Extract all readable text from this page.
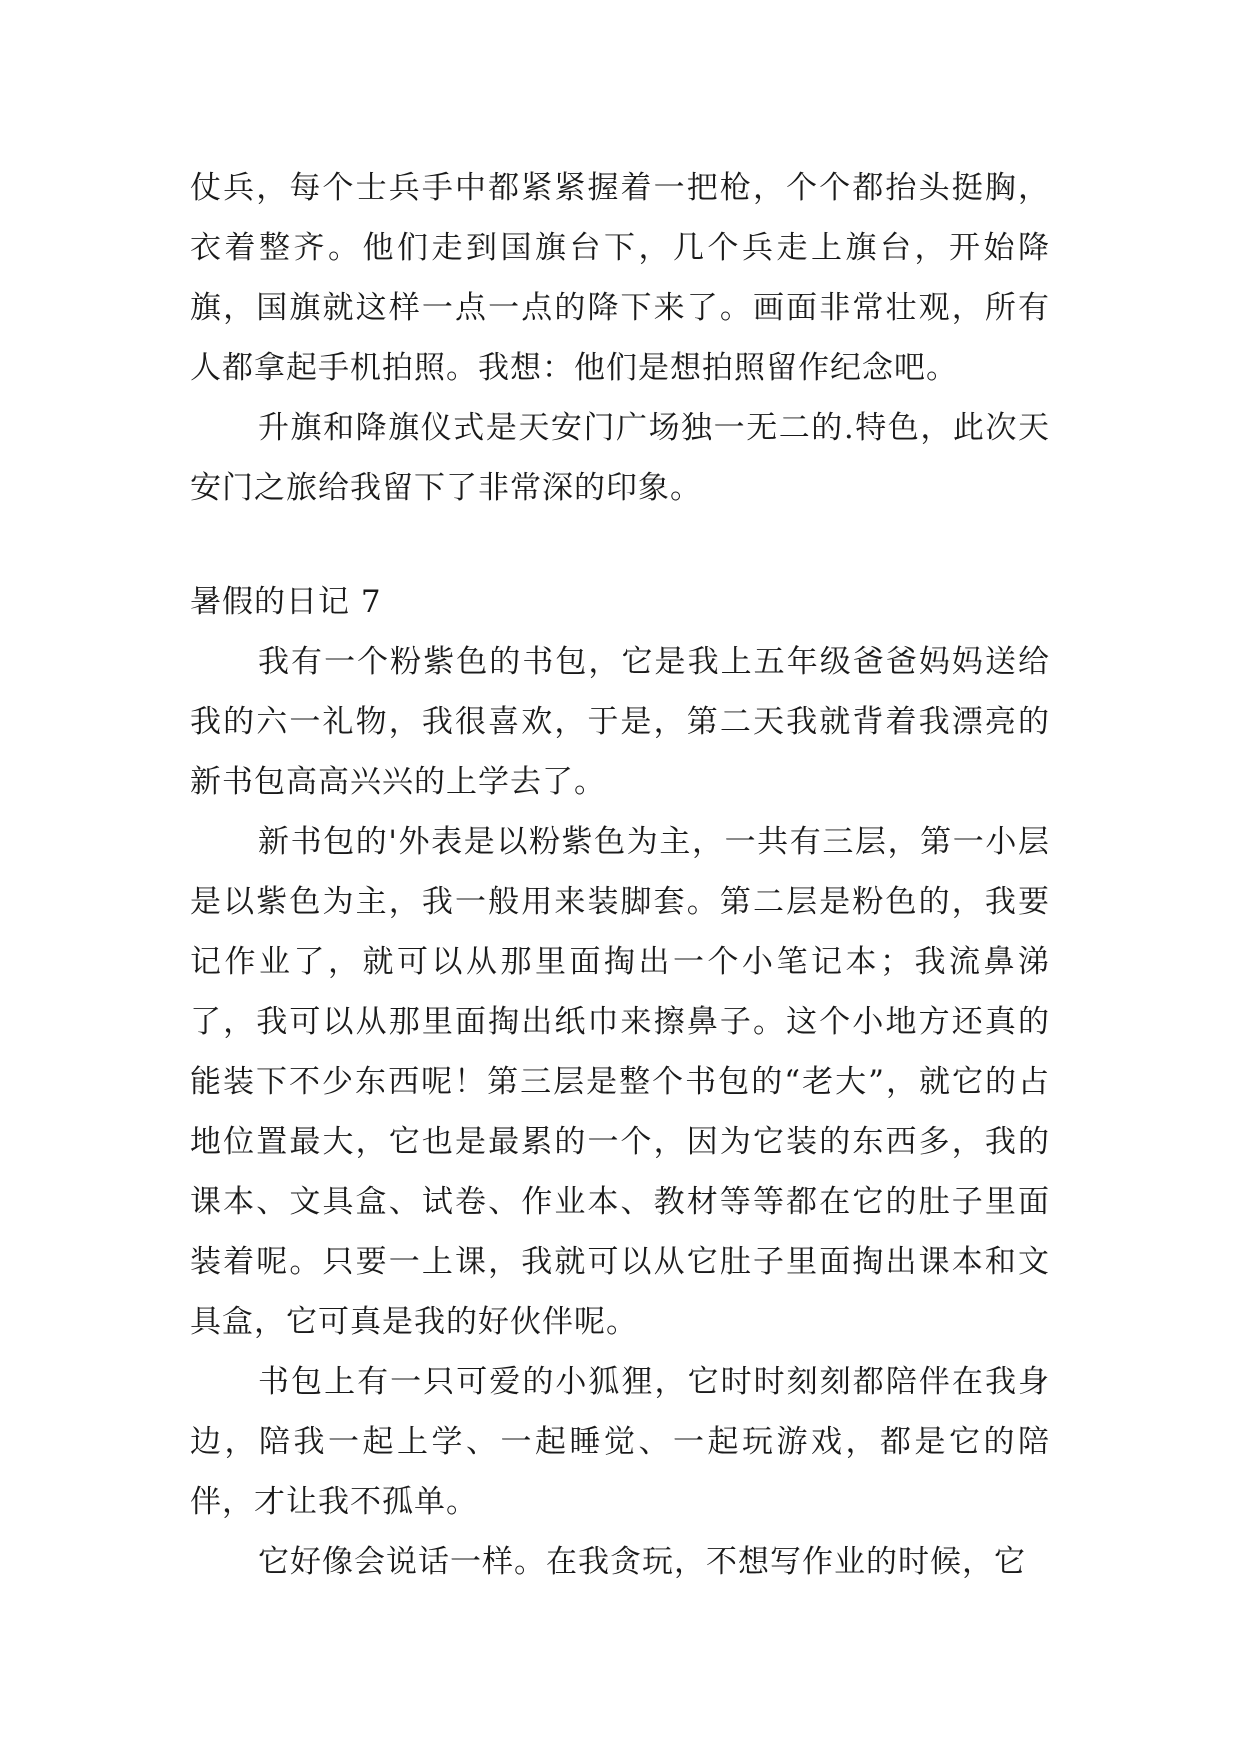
仗兵，每个士兵手中都紧紧握着一把枪，个个都抬头挺胸，衣着整齐。他们走到国旗台下，几个兵走上旗台，开始降旗，国旗就这样一点一点的降下来了。画面非常壮观，所有人都拿起手机拍照。我想：他们是想拍照留作纪念吧。

升旗和降旗仪式是天安门广场独一无二的.特色，此次天安门之旅给我留下了非常深的印象。

暑假的日记 7

我有一个粉紫色的书包，它是我上五年级爸爸妈妈送给我的六一礼物，我很喜欢，于是，第二天我就背着我漂亮的新书包高高兴兴的上学去了。

新书包的'外表是以粉紫色为主，一共有三层，第一小层是以紫色为主，我一般用来装脚套。第二层是粉色的，我要记作业了，就可以从那里面掏出一个小笔记本；我流鼻涕了，我可以从那里面掏出纸巾来擦鼻子。这个小地方还真的能装下不少东西呢！第三层是整个书包的“老大”，就它的占地位置最大，它也是最累的一个，因为它装的东西多，我的课本、文具盒、试卷、作业本、教材等等都在它的肚子里面装着呢。只要一上课，我就可以从它肚子里面掏出课本和文具盒，它可真是我的好伙伴呢。

书包上有一只可爱的小狐狸，它时时刻刻都陪伴在我身边，陪我一起上学、一起睡觉、一起玩游戏，都是它的陪伴，才让我不孤单。

它好像会说话一样。在我贪玩，不想写作业的时候，它
